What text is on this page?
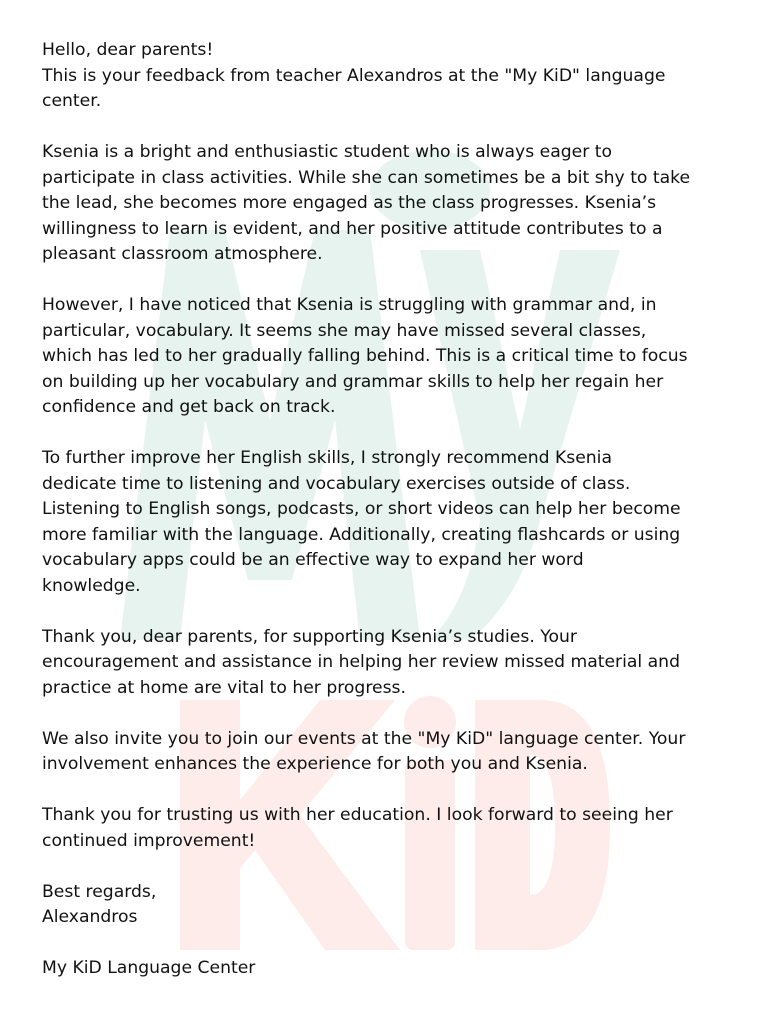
Hello, dear parents!
This is your feedback from teacher Alexandros at the "My KiD" language
center.

Ksenia is a bright and enthusiastic student who is always eager to
participate in class activities. While she can sometimes be a bit shy to take
the lead, she becomes more engaged as the class progresses. Ksenia’s
willingness to learn is evident, and her positive attitude contributes to a
pleasant classroom atmosphere.

However, I have noticed that Ksenia is struggling with grammar and, in
particular, vocabulary. It seems she may have missed several classes,
which has led to her gradually falling behind. This is a critical time to focus
on building up her vocabulary and grammar skills to help her regain her
confidence and get back on track.

To further improve her English skills, I strongly recommend Ksenia
dedicate time to listening and vocabulary exercises outside of class.
Listening to English songs, podcasts, or short videos can help her become
more familiar with the language. Additionally, creating flashcards or using
vocabulary apps could be an effective way to expand her word
knowledge.

Thank you, dear parents, for supporting Ksenia’s studies. Your
encouragement and assistance in helping her review missed material and
practice at home are vital to her progress.

We also invite you to join our events at the "My KiD" language center. Your
involvement enhances the experience for both you and Ksenia.

Thank you for trusting us with her education. I look forward to seeing her
continued improvement!

Best regards,
Alexandros

My KiD Language Center
